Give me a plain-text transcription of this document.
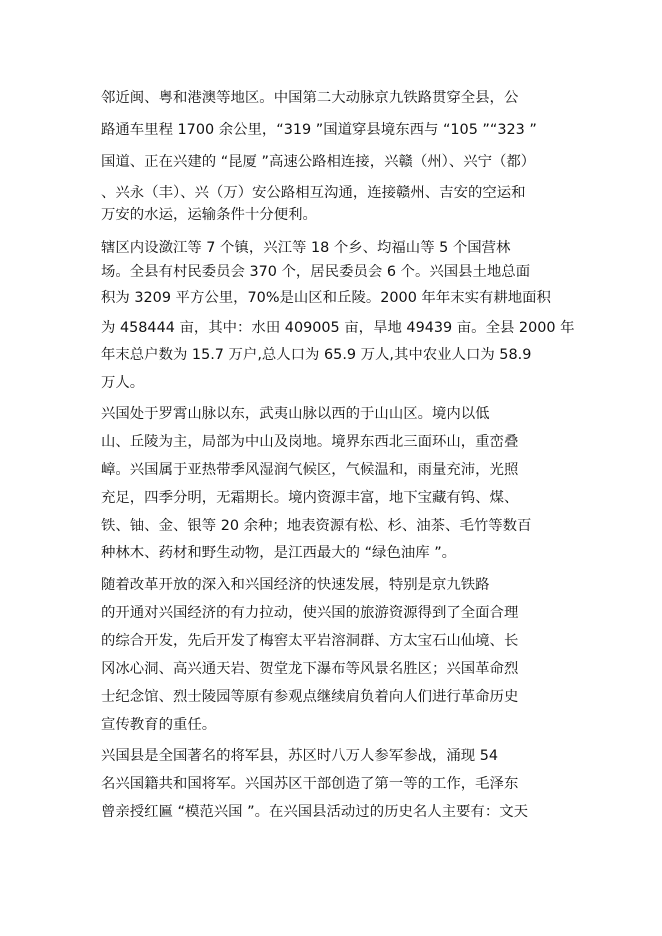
邻近闽、粤和港澳等地区。中国第二大动脉京九铁路贯穿全县，公
路通车里程 1700 余公里，“319 ”国道穿县境东西与 “105 ”“323 ”
国道、正在兴建的 “昆厦 ”高速公路相连接，兴赣（州）、兴宁（都）
、兴永（丰）、兴（万）安公路相互沟通，连接赣州、吉安的空运和
万安的水运，运输条件十分便利。
辖区内设潋江等 7 个镇，兴江等 18 个乡、均福山等 5 个国营林
场。全县有村民委员会 370 个，居民委员会 6 个。兴国县土地总面
积为 3209 平方公里，70%是山区和丘陵。2000 年年末实有耕地面积
为 458444 亩，其中：水田 409005 亩，旱地 49439 亩。全县 2000 年
年末总户数为 15.7 万户,总人口为 65.9 万人,其中农业人口为 58.9
万人。
兴国处于罗霄山脉以东，武夷山脉以西的于山山区。境内以低
山、丘陵为主，局部为中山及岗地。境界东西北三面环山，重峦叠
嶂。兴国属于亚热带季风湿润气候区，气候温和，雨量充沛，光照
充足，四季分明，无霜期长。境内资源丰富，地下宝藏有钨、煤、
铁、铀、金、银等 20 余种；地表资源有松、杉、油茶、毛竹等数百
种林木、药材和野生动物，是江西最大的 “绿色油库 ”。
随着改革开放的深入和兴国经济的快速发展，特别是京九铁路
的开通对兴国经济的有力拉动，使兴国的旅游资源得到了全面合理
的综合开发，先后开发了梅窖太平岩溶洞群、方太宝石山仙境、长
冈冰心洞、高兴通天岩、贺堂龙下瀑布等风景名胜区；兴国革命烈
士纪念馆、烈士陵园等原有参观点继续肩负着向人们进行革命历史
宣传教育的重任。
兴国县是全国著名的将军县，苏区时八万人参军参战，涌现 54
名兴国籍共和国将军。兴国苏区干部创造了第一等的工作，毛泽东
曾亲授红匾 “模范兴国 ”。在兴国县活动过的历史名人主要有：文天
